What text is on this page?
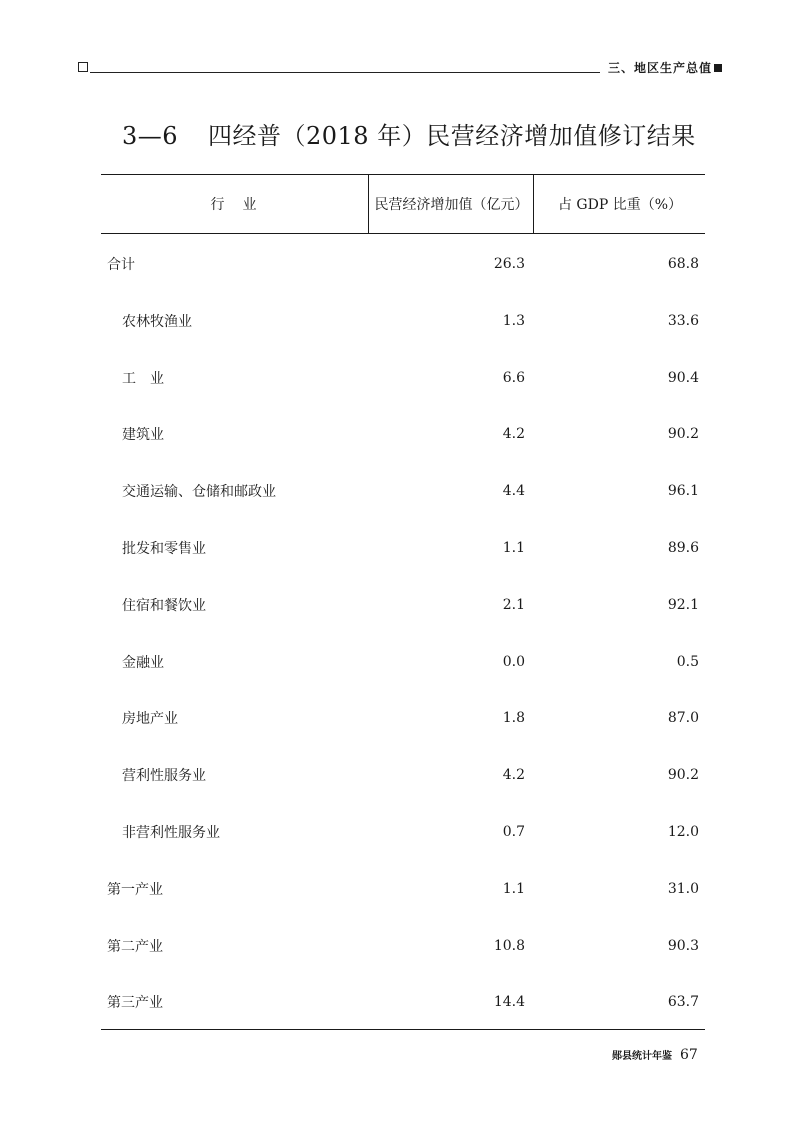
三、地区生产总值
3—6 四经普（2018 年）民营经济增加值修订结果
行　业	民营经济增加值（亿元）	占 GDP 比重（%）
合计	26.3	68.8
农林牧渔业	1.3	33.6
工　业	6.6	90.4
建筑业	4.2	90.2
交通运输、仓储和邮政业	4.4	96.1
批发和零售业	1.1	89.6
住宿和餐饮业	2.1	92.1
金融业	0.0	0.5
房地产业	1.8	87.0
营利性服务业	4.2	90.2
非营利性服务业	0.7	12.0
第一产业	1.1	31.0
第二产业	10.8	90.3
第三产业	14.4	63.7
郧县统计年鉴 67
